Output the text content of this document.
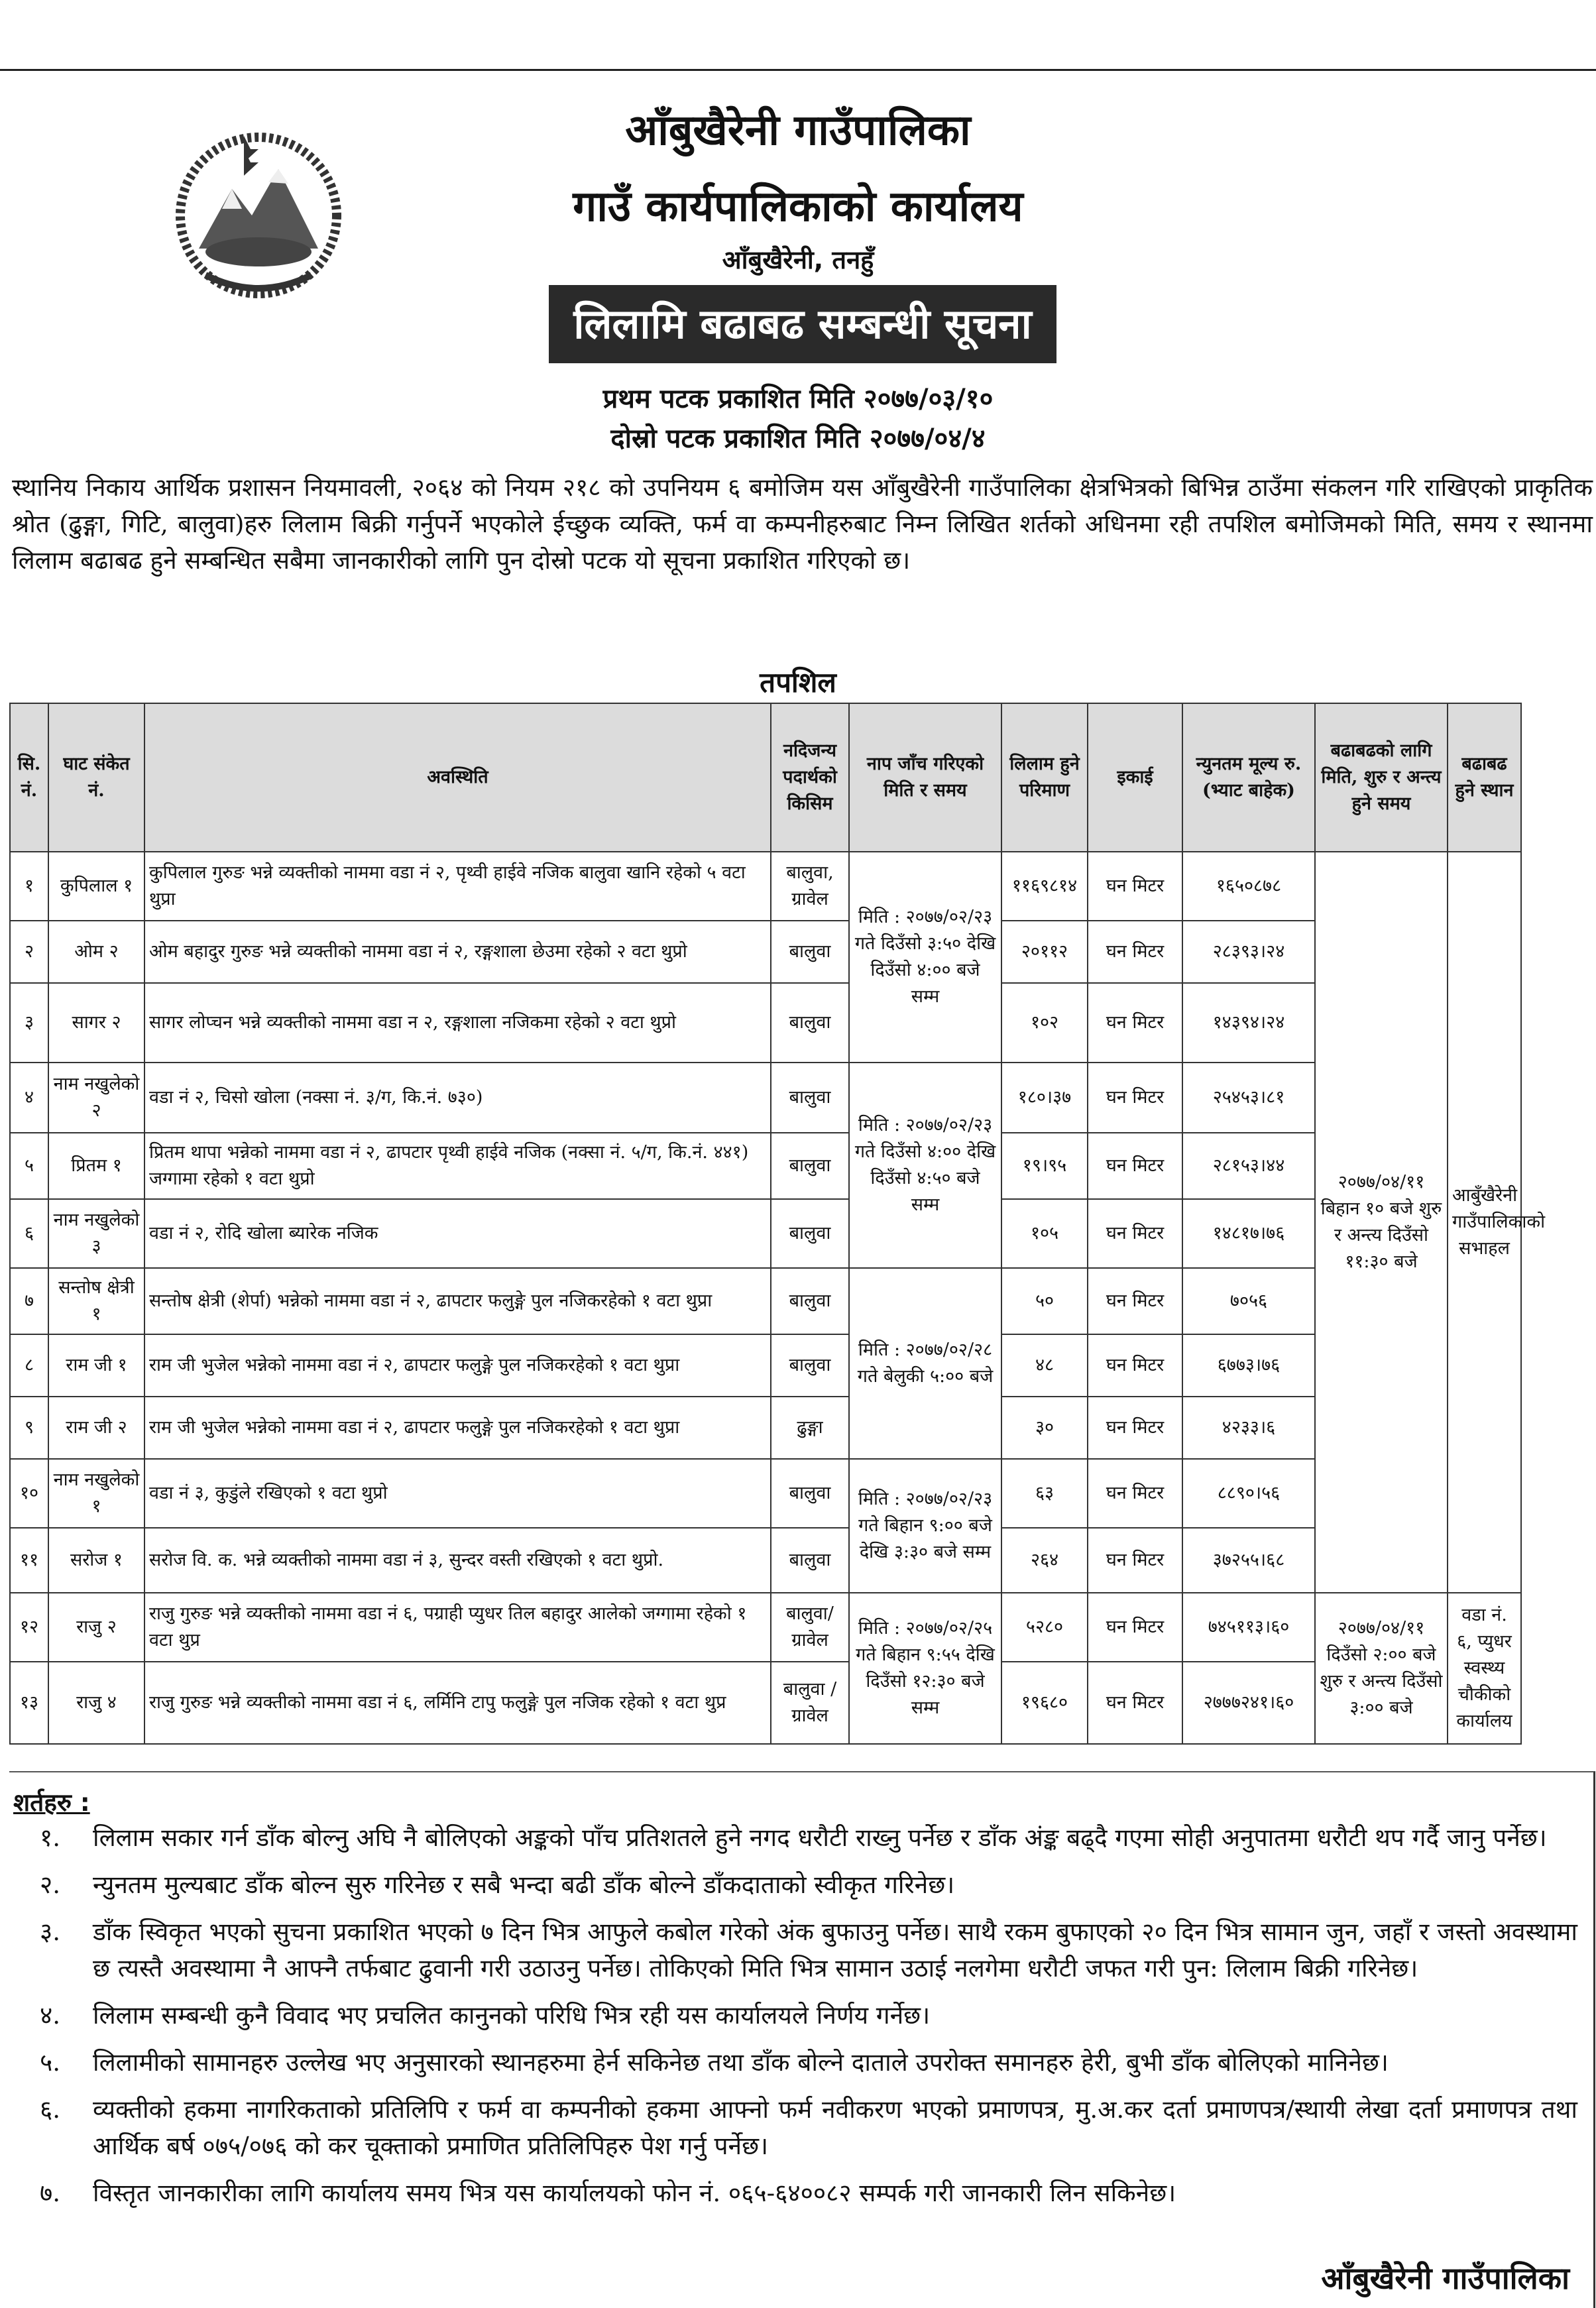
आँबुखैरेनी गाउँपालिका
गाउँ कार्यपालिकाको कार्यालय
आँबुखैरेनी, तनहुँ
लिलामि बढाबढ सम्बन्धी सूचना
प्रथम पटक प्रकाशित मिति २०७७/०३/१०
दोस्रो पटक प्रकाशित मिति २०७७/०४/४
स्थानिय निकाय आर्थिक प्रशासन नियमावली, २०६४ को नियम २१८ को उपनियम ६ बमोजिम यस आँबुखैरेनी गाउँपालिका क्षेत्रभित्रको बिभिन्न ठाउँमा संकलन गरि राखिएको प्राकृतिक श्रोत (ढुङ्गा, गिटि, बालुवा)हरु लिलाम बिक्री गर्नुपर्ने भएकोले ईच्छुक व्यक्ति, फर्म वा कम्पनीहरुबाट निम्न लिखित शर्तको अधिनमा रही तपशिल बमोजिमको मिति, समय र स्थानमा लिलाम बढाबढ हुने सम्बन्धित सबैमा जानकारीको लागि पुन दोस्रो पटक यो सूचना प्रकाशित गरिएको छ।
तपशिल
सि. नं.	घाट संकेत नं.	अवस्थिति	नदिजन्य पदार्थको किसिम	नाप जाँच गरिएको मिति र समय	लिलाम हुने परिमाण	इकाई	न्युनतम मूल्य रु. (भ्याट बाहेक)	बढाबढको लागि मिति, शुरु र अन्त्य हुने समय	बढाबढ हुने स्थान
१	कुपिलाल १	कुपिलाल गुरुङ भन्ने व्यक्तीको नाममा वडा नं २, पृथ्वी हाईवे नजिक बालुवा खानि रहेको ५ वटा थुप्रा	बालुवा, ग्रावेल	मिति : २०७७/०२/२३ गते दिउँसो ३:५० देखि दिउँसो ४:०० बजे सम्म	११६९८१४	घन मिटर	१६५०८७८	२०७७/०४/११ बिहान १० बजे शुरु र अन्त्य दिउँसो ११:३० बजे	आबुँखैरेनी गाउँपालिकाको सभाहल
२	ओम २	ओम बहादुर गुरुङ भन्ने व्यक्तीको नाममा वडा नं २, रङ्गशाला छेउमा रहेको २ वटा थुप्रो	बालुवा		२०११२	घन मिटर	२८३९३।२४		
३	सागर २	सागर लोप्चन भन्ने व्यक्तीको नाममा वडा न २, रङ्गशाला नजिकमा रहेको २ वटा थुप्रो	बालुवा		१०२	घन मिटर	१४३९४।२४		
४	नाम नखुलेको २	वडा नं २, चिसो खोला (नक्सा नं. ३/ग, कि.नं. ७३०)	बालुवा	मिति : २०७७/०२/२३ गते दिउँसो ४:०० देखि दिउँसो ४:५० बजे सम्म	१८०।३७	घन मिटर	२५४५३।८१		
५	प्रितम १	प्रितम थापा भन्नेको नाममा वडा नं २, ढापटार पृथ्वी हाईवे नजिक (नक्सा नं. ५/ग, कि.नं. ४४१) जग्गामा रहेको १ वटा थुप्रो	बालुवा		१९।९५	घन मिटर	२८१५३।४४		
६	नाम नखुलेको ३	वडा नं २, रोदि खोला ब्यारेक नजिक	बालुवा		१०५	घन मिटर	१४८१७।७६		
७	सन्तोष क्षेत्री १	सन्तोष क्षेत्री (शेर्पा) भन्नेको नाममा वडा नं २, ढापटार फलुङ्गे पुल नजिकरहेको १ वटा थुप्रा	बालुवा	मिति : २०७७/०२/२८ गते बेलुकी ५:०० बजे	५०	घन मिटर	७०५६		
८	राम जी १	राम जी भुजेल भन्नेको नाममा वडा नं २, ढापटार फलुङ्गे पुल नजिकरहेको १ वटा थुप्रा	बालुवा		४८	घन मिटर	६७७३।७६		
९	राम जी २	राम जी भुजेल भन्नेको नाममा वडा नं २, ढापटार फलुङ्गे पुल नजिकरहेको १ वटा थुप्रा	ढुङ्गा		३०	घन मिटर	४२३३।६		
१०	नाम नखुलेको १	वडा नं ३, कुडुंले रखिएको १ वटा थुप्रो	बालुवा	मिति : २०७७/०२/२३ गते बिहान ९:०० बजे देखि ३:३० बजे सम्म	६३	घन मिटर	८८९०।५६		
११	सरोज १	सरोज वि. क. भन्ने व्यक्तीको नाममा वडा नं ३, सुन्दर वस्ती रखिएको १ वटा थुप्रो.	बालुवा		२६४	घन मिटर	३७२५५।६८		
१२	राजु २	राजु गुरुङ भन्ने व्यक्तीको नाममा वडा नं ६, पग्राही प्युधर तिल बहादुर आलेको जग्गामा रहेको १ वटा थुप्र	बालुवा/ ग्रावेल	मिति : २०७७/०२/२५ गते बिहान ९:५५ देखि दिउँसो १२:३० बजे सम्म	५२८०	घन मिटर	७४५११३।६०	२०७७/०४/११ दिउँसो २:०० बजे शुरु र अन्त्य दिउँसो ३:०० बजे	वडा नं. ६, प्युधर स्वस्थ्य चौकीको कार्यालय
१३	राजु ४	राजु गुरुङ भन्ने व्यक्तीको नाममा वडा नं ६, लर्मिनि टापु फलुङ्गे पुल नजिक रहेको १ वटा थुप्र	बालुवा / ग्रावेल		१९६८०	घन मिटर	२७७७२४१।६०		
शर्तहरु :
१.	लिलाम सकार गर्न डाँक बोल्नु अघि नै बोलिएको अङ्कको पाँच प्रतिशतले हुने नगद धरौटी राख्नु पर्नेछ र डाँक अंङ्क बढ्दै गएमा सोही अनुपातमा धरौटी थप गर्दै जानु पर्नेछ।
२.	न्युनतम मुल्यबाट डाँक बोल्न सुरु गरिनेछ र सबै भन्दा बढी डाँक बोल्ने डाँकदाताको स्वीकृत गरिनेछ।
३.	डाँक स्विकृत भएको सुचना प्रकाशित भएको ७ दिन भित्र आफुले कबोल गरेको अंक बुफाउनु पर्नेछ। साथै रकम बुफाएको २० दिन भित्र सामान जुन, जहाँ र जस्तो अवस्थामा छ त्यस्तै अवस्थामा नै आफ्नै तर्फबाट ढुवानी गरी उठाउनु पर्नेछ। तोकिएको मिति भित्र सामान उठाई नलगेमा धरौटी जफत गरी पुन: लिलाम बिक्री गरिनेछ।
४.	लिलाम सम्बन्धी कुनै विवाद भए प्रचलित कानुनको परिधि भित्र रही यस कार्यालयले निर्णय गर्नेछ।
५.	लिलामीको सामानहरु उल्लेख भए अनुसारको स्थानहरुमा हेर्न सकिनेछ तथा डाँक बोल्ने दाताले उपरोक्त समानहरु हेरी, बुभी डाँक बोलिएको मानिनेछ।
६.	व्यक्तीको हकमा नागरिकताको प्रतिलिपि र फर्म वा कम्पनीको हकमा आफ्नो फर्म नवीकरण भएको प्रमाणपत्र, मु.अ.कर दर्ता प्रमाणपत्र/स्थायी लेखा दर्ता प्रमाणपत्र तथा आर्थिक बर्ष ०७५/०७६ को कर चूक्ताको प्रमाणित प्रतिलिपिहरु पेश गर्नु पर्नेछ।
७.	विस्तृत जानकारीका लागि कार्यालय समय भित्र यस कार्यालयको फोन नं. ०६५-६४००८२ सम्पर्क गरी जानकारी लिन सकिनेछ।
आँबुखैरेनी गाउँपालिका
